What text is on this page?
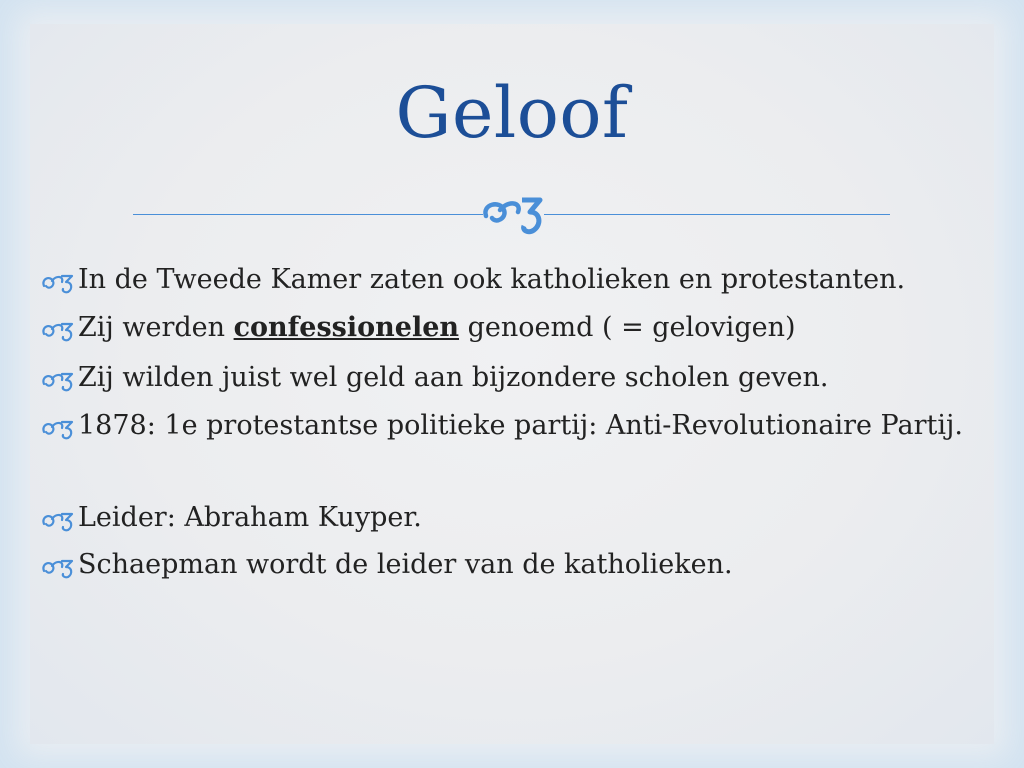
Geloof
In de Tweede Kamer zaten ook katholieken en protestanten.
Zij werden confessionelen genoemd ( = gelovigen)
Zij wilden juist wel geld aan bijzondere scholen geven.
1878: 1e protestantse politieke partij: Anti-Revolutionaire Partij.
Leider: Abraham Kuyper.
Schaepman wordt de leider van de katholieken.
